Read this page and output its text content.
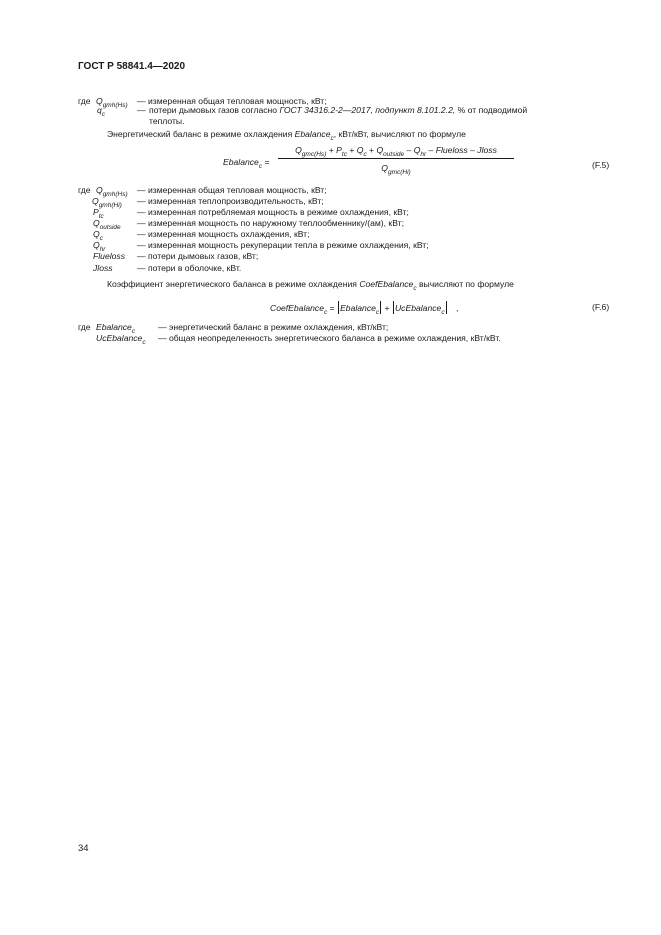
ГОСТ Р 58841.4—2020
где $Q_{gmh(Hs)}$ — измеренная общая тепловая мощность, кВт;
$q_c$	— потери дымовых газов согласно ГОСТ 34316.2-2—2017, подпункт 8.101.2.2, % от подводимой
теплоты.
Энергетический баланс в режиме охлаждения Ebalance$_c$, кВт/кВт, вычисляют по формуле
Ebalance$_c$ =
$Q_{gmc(Hs)} + P_{tc} + Q_c + Q_{outside} - Q_{hr}$ – Flueloss – Jloss
$Q_{gmc(Hi)}$
(F.5)
где $Q_{gmh(Hs)}$ — измеренная общая тепловая мощность, кВт;
$Q_{gmh(Hi)}$ — измеренная теплопроизводительность, кВт;
$P_{tc}$	— измеренная потребляемая мощность в режиме охлаждения, кВт;
$Q_{outside}$ — измеренная мощность по наружному теплообменнику/(ам), кВт;
$Q_c$	— измеренная мощность охлаждения, кВт;
$Q_{hr}$	— измеренная мощность рекуперации тепла в режиме охлаждения, кВт;
Flueloss — потери дымовых газов, кВт;
Jloss	— потери в оболочке, кВт.
Коэффициент энергетического баланса в режиме охлаждения CoefEbalance$_c$ вычисляют по формуле
CoefEbalance$_c$ = Ebalance$_c$ + UcEbalance$_c$ ,	(F.6)
где Ebalance$_c$	— энергетический баланс в режиме охлаждения, кВт/кВт;
UcEbalance$_c$ — общая неопределенность энергетического баланса в режиме охлаждения, кВт/кВт.
34
